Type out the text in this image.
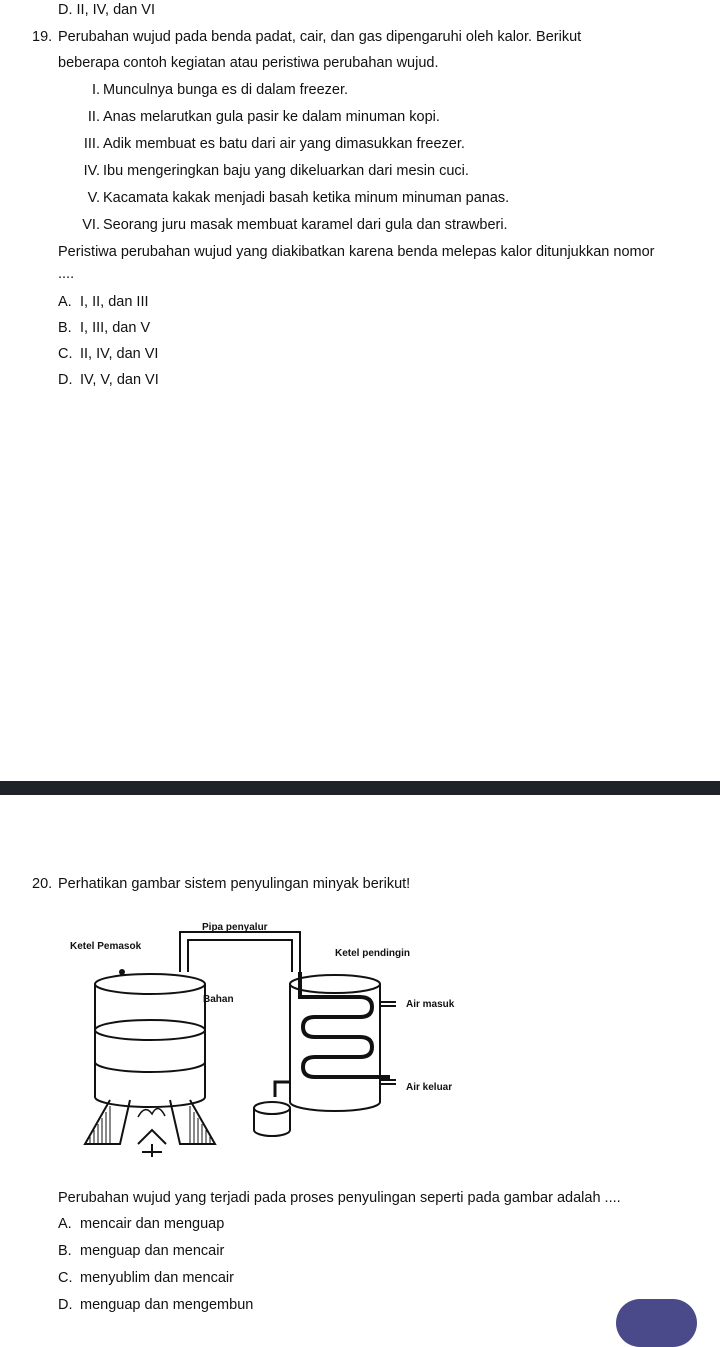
D. II, IV, dan VI
19. Perubahan wujud pada benda padat, cair, dan gas dipengaruhi oleh kalor. Berikut
beberapa contoh kegiatan atau peristiwa perubahan wujud.
I. Munculnya bunga es di dalam freezer.
II. Anas melarutkan gula pasir ke dalam minuman kopi.
III. Adik membuat es batu dari air yang dimasukkan freezer.
IV. Ibu mengeringkan baju yang dikeluarkan dari mesin cuci.
V. Kacamata kakak menjadi basah ketika minum minuman panas.
VI. Seorang juru masak membuat karamel dari gula dan strawberi.
Peristiwa perubahan wujud yang diakibatkan karena benda melepas kalor ditunjukkan nomor
....
A. I, II, dan III
B. I, III, dan V
C. II, IV, dan VI
D. IV, V, dan VI
20. Perhatikan gambar sistem penyulingan minyak berikut!
Pipa penyalur
Ketel Pemasok
Ketel pendingin
Bahan	Air masuk
Air keluar
Perubahan wujud yang terjadi pada proses penyulingan seperti pada gambar adalah ....
A. mencair dan menguap
B. menguap dan mencair
C. menyublim dan mencair
D. menguap dan mengembun
